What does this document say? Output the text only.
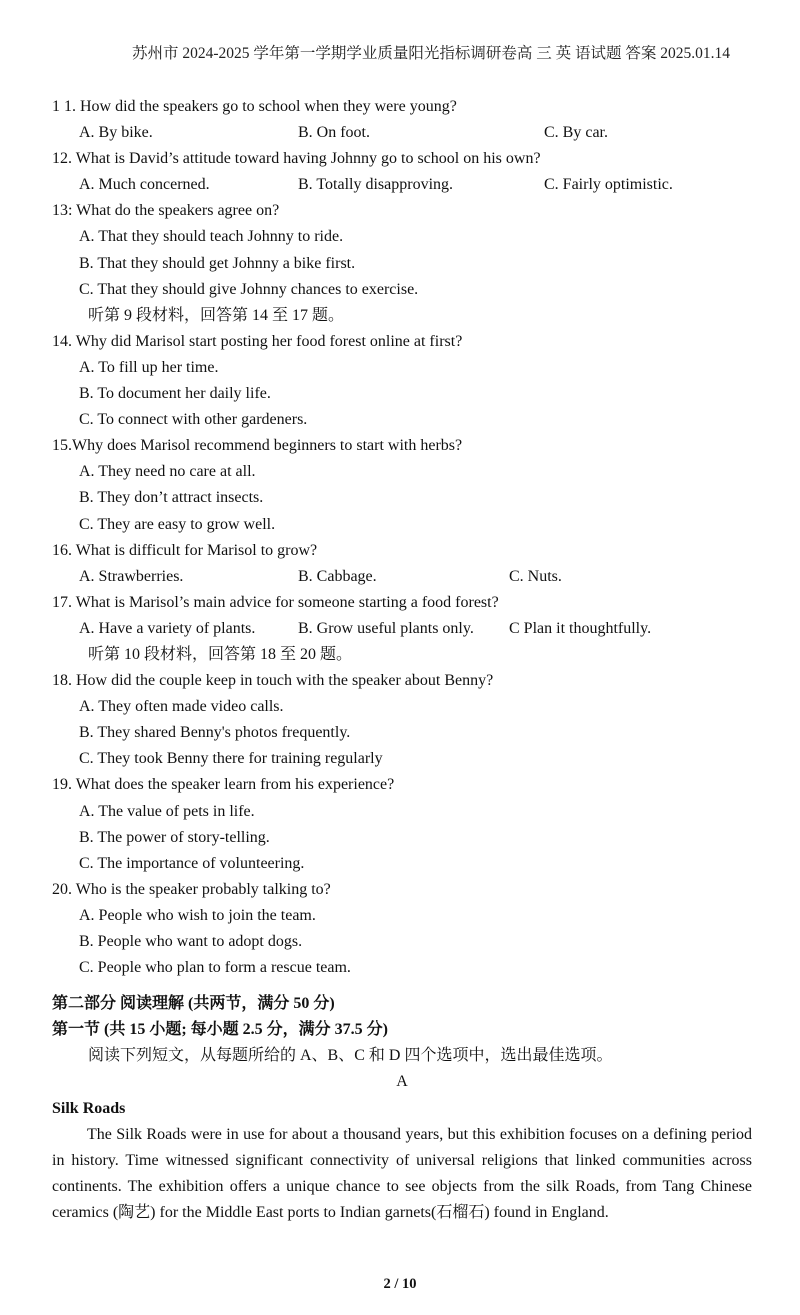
苏州市 2024-2025 学年第一学期学业质量阳光指标调研卷高 三 英 语试题 答案 2025.01.14
1 1. How did the speakers go to school when they were young?
A. By bike.	B. On foot.	C. By car.
12. What is David’s attitude toward having Johnny go to school on his own?
A. Much concerned.	B. Totally disapproving.	C. Fairly optimistic.
13: What do the speakers agree on?
A. That they should teach Johnny to ride.
B. That they should get Johnny a bike first.
C. That they should give Johnny chances to exercise.
听第 9 段材料，回答第 14 至 17 题。
14. Why did Marisol start posting her food forest online at first?
A. To fill up her time.
B. To document her daily life.
C. To connect with other gardeners.
15.Why does Marisol recommend beginners to start with herbs?
A. They need no care at all.
B. They don’t attract insects.
C. They are easy to grow well.
16. What is difficult for Marisol to grow?
A. Strawberries.	B. Cabbage.	C. Nuts.
17. What is Marisol’s main advice for someone starting a food forest?
A. Have a variety of plants.	B. Grow useful plants only.	C Plan it thoughtfully.
听第 10 段材料，回答第 18 至 20 题。
18. How did the couple keep in touch with the speaker about Benny?
A. They often made video calls.
B. They shared Benny's photos frequently.
C. They took Benny there for training regularly
19. What does the speaker learn from his experience?
A. The value of pets in life.
B. The power of story-telling.
C. The importance of volunteering.
20. Who is the speaker probably talking to?
A. People who wish to join the team.
B. People who want to adopt dogs.
C. People who plan to form a rescue team.
第二部分 阅读理解 (共两节，满分 50 分)
第一节 (共 15 小题; 每小题 2.5 分，满分 37.5 分)
阅读下列短文，从每题所给的 A、B、C 和 D 四个选项中，选出最佳选项。
A
Silk Roads
The Silk Roads were in use for about a thousand years, but this exhibition focuses on a defining period in history. Time witnessed significant connectivity of universal religions that linked communities across continents. The exhibition offers a unique chance to see objects from the silk Roads, from Tang Chinese ceramics (陶艺) for the Middle East ports to Indian garnets(石榴石) found in England.
2 / 10
